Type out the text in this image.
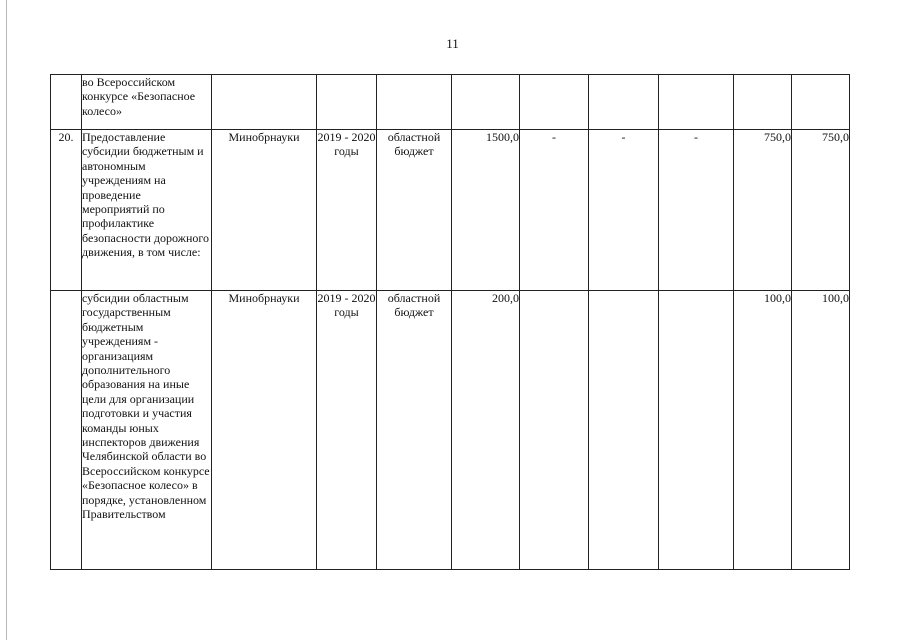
11
	во Всероссийском конкурсе «Безопасное колесо»									
20.	Предоставление субсидии бюджетным и автономным учреждениям на проведение мероприятий по профилактике безопасности дорожного движения, в том числе:	Минобрнауки	2019 - 2020 годы	областной бюджет	1500,0	-	-	-	750,0	750,0
	субсидии областным государственным бюджетным учреждениям - организациям дополнительного образования на иные цели для организации подготовки и участия команды юных инспекторов движения Челябинской области во Всероссийском конкурсе «Безопасное колесо» в порядке, установленном Правительством	Минобрнауки	2019 - 2020 годы	областной бюджет	200,0				100,0	100,0
